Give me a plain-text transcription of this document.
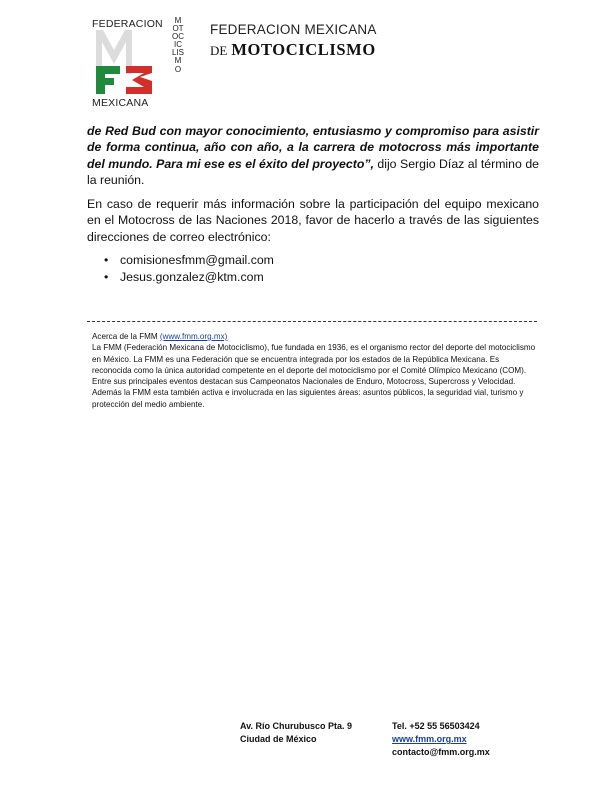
FEDERACION	MOTOCICLISMO
MEXICANA
FEDERACION MEXICANA
DE MOTOCICLISMO

de Red Bud con mayor conocimiento, entusiasmo y compromiso para asistir de forma continua, año con año, a la carrera de motocross más importante del mundo. Para mi ese es el éxito del proyecto”, dijo Sergio Díaz al término de la reunión.

En caso de requerir más información sobre la participación del equipo mexicano en el Motocross de las Naciones 2018, favor de hacerlo a través de las siguientes direcciones de correo electrónico:

• comisionesfmm@gmail.com
• Jesus.gonzalez@ktm.com
Acerca de la FMM (www.fmm.org.mx)
La FMM (Federación Mexicana de Motociclismo), fue fundada en 1936, es el organismo rector del deporte del motociclismo en México. La FMM es una Federación que se encuentra integrada por los estados de la República Mexicana. Es reconocida como la única autoridad competente en el deporte del motociclismo por el Comité Olímpico Mexicano (COM). Entre sus principales eventos destacan sus Campeonatos Nacionales de Enduro, Motocross, Supercross y Velocidad. Además la FMM esta también activa e involucrada en las siguientes áreas: asuntos públicos, la seguridad vial, turismo y protección del medio ambiente.
Av. Río Churubusco Pta. 9
Ciudad de México
Tel. +52 55 56503424
www.fmm.org.mx
contacto@fmm.org.mx
